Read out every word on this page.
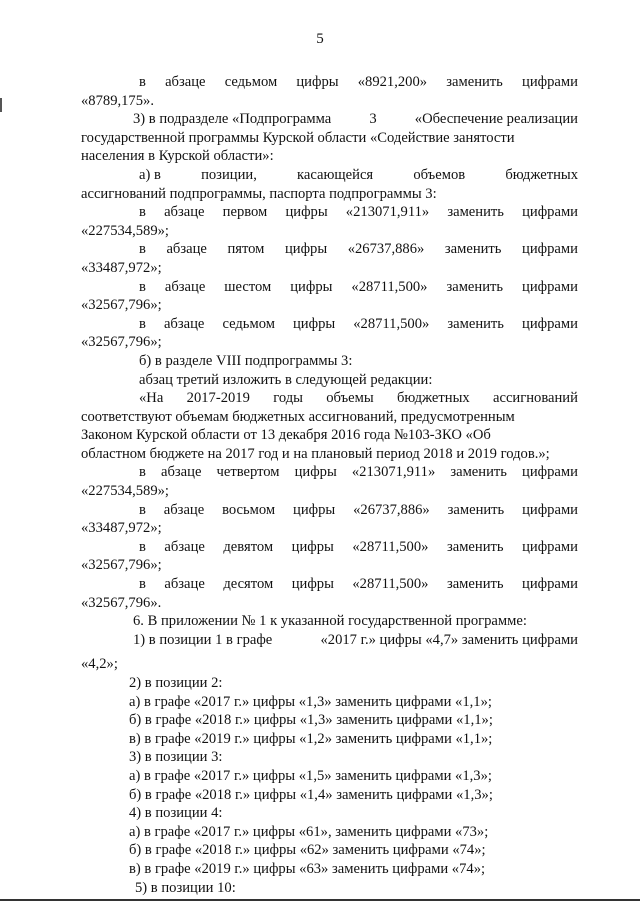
5
в абзаце седьмом цифры «8921,200» заменить цифрами
«8789,175».
3) в подразделе «Подпрограмма	3	«Обеспечение реализации
государственной программы Курской области «Содействие занятости
населения в Курской области»:
а) в	позиции,	касающейся	объемов	бюджетных
ассигнований подпрограммы, паспорта подпрограммы 3:
в абзаце первом цифры «213071,911» заменить цифрами
«227534,589»;
в абзаце пятом цифры «26737,886» заменить цифрами
«33487,972»;
в абзаце шестом цифры «28711,500» заменить цифрами
«32567,796»;
в абзаце седьмом цифры «28711,500» заменить цифрами
«32567,796»;
б) в разделе VIII подпрограммы 3:
абзац третий изложить в следующей редакции:
«На 2017-2019 годы объемы бюджетных ассигнований
соответствуют объемам бюджетных ассигнований, предусмотренным
Законом Курской области от 13 декабря 2016 года №103-ЗКО «Об
областном бюджете на 2017 год и на плановый период 2018 и 2019 годов.»;
в абзаце четвертом цифры «213071,911» заменить цифрами
«227534,589»;
в абзаце восьмом цифры «26737,886» заменить цифрами
«33487,972»;
в абзаце девятом цифры «28711,500» заменить цифрами
«32567,796»;
в абзаце десятом цифры «28711,500» заменить цифрами
«32567,796».
6. В приложении № 1 к указанной государственной программе:
1) в позиции 1 в графе	«2017 г.» цифры «4,7» заменить цифрами
«4,2»;
2) в позиции 2:
а) в графе «2017 г.» цифры «1,3» заменить цифрами «1,1»;
б) в графе «2018 г.» цифры «1,3» заменить цифрами «1,1»;
в) в графе «2019 г.» цифры «1,2» заменить цифрами «1,1»;
3) в позиции 3:
а) в графе «2017 г.» цифры «1,5» заменить цифрами «1,3»;
б) в графе «2018 г.» цифры «1,4» заменить цифрами «1,3»;
4) в позиции 4:
а) в графе «2017 г.» цифры «61», заменить цифрами «73»;
б) в графе «2018 г.» цифры «62» заменить цифрами «74»;
в) в графе «2019 г.» цифры «63» заменить цифрами «74»;
5) в позиции 10:
